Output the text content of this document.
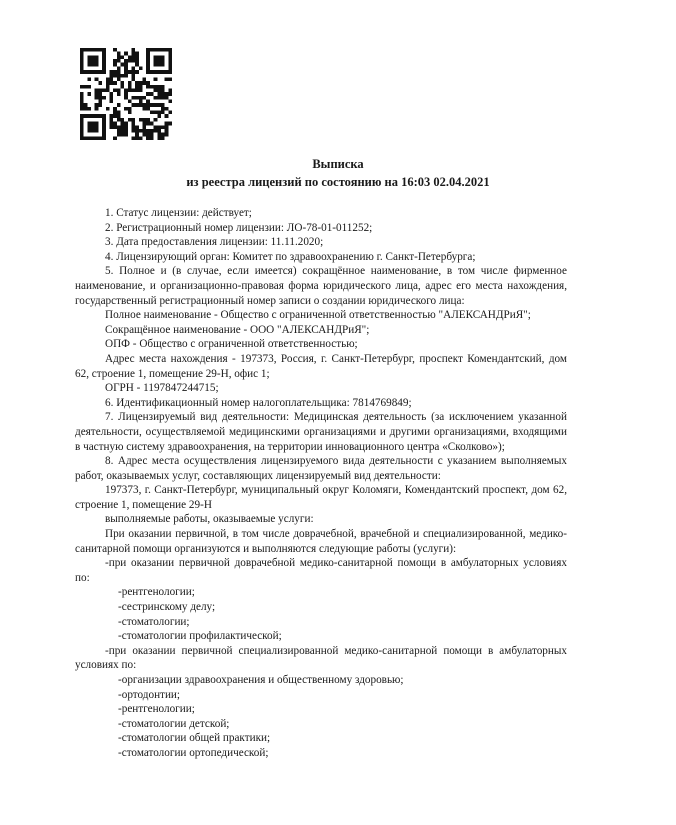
Выписка
из реестра лицензий по состоянию на 16:03 02.04.2021

1. Статус лицензии: действует;

2. Регистрационный номер лицензии: ЛО-78-01-011252;

3. Дата предоставления лицензии: 11.11.2020;

4. Лицензирующий орган: Комитет по здравоохранению г. Санкт-Петербурга;

5. Полное и (в случае, если имеется) сокращённое наименование, в том числе фирменное наименование, и организационно-правовая форма юридического лица, адрес его места нахождения, государственный регистрационный номер записи о создании юридического лица:

Полное наименование - Общество с ограниченной ответственностью "АЛЕКСАНДРиЯ";

Сокращённое наименование - ООО "АЛЕКСАНДРиЯ";

ОПФ - Общество с ограниченной ответственностью;

Адрес места нахождения - 197373, Россия, г. Санкт-Петербург, проспект Комендантский, дом 62, строение 1, помещение 29-Н, офис 1;

ОГРН - 1197847244715;

6. Идентификационный номер налогоплательщика: 7814769849;

7. Лицензируемый вид деятельности: Медицинская деятельность (за исключением указанной деятельности, осуществляемой медицинскими организациями и другими организациями, входящими в частную систему здравоохранения, на территории инновационного центра «Сколково»);

8. Адрес места осуществления лицензируемого вида деятельности с указанием выполняемых работ, оказываемых услуг, составляющих лицензируемый вид деятельности:

197373, г. Санкт-Петербург, муниципальный округ Коломяги, Комендантский проспект, дом 62, строение 1, помещение 29-Н

выполняемые работы, оказываемые услуги:

При оказании первичной, в том числе доврачебной, врачебной и специализированной, медико-санитарной помощи организуются и выполняются следующие работы (услуги):

-при оказании первичной доврачебной медико-санитарной помощи в амбулаторных условиях по:

-рентгенологии;

-сестринскому делу;

-стоматологии;

-стоматологии профилактической;

-при оказании первичной специализированной медико-санитарной помощи в амбулаторных условиях по:

-организации здравоохранения и общественному здоровью;

-ортодонтии;

-рентгенологии;

-стоматологии детской;

-стоматологии общей практики;

-стоматологии ортопедической;
